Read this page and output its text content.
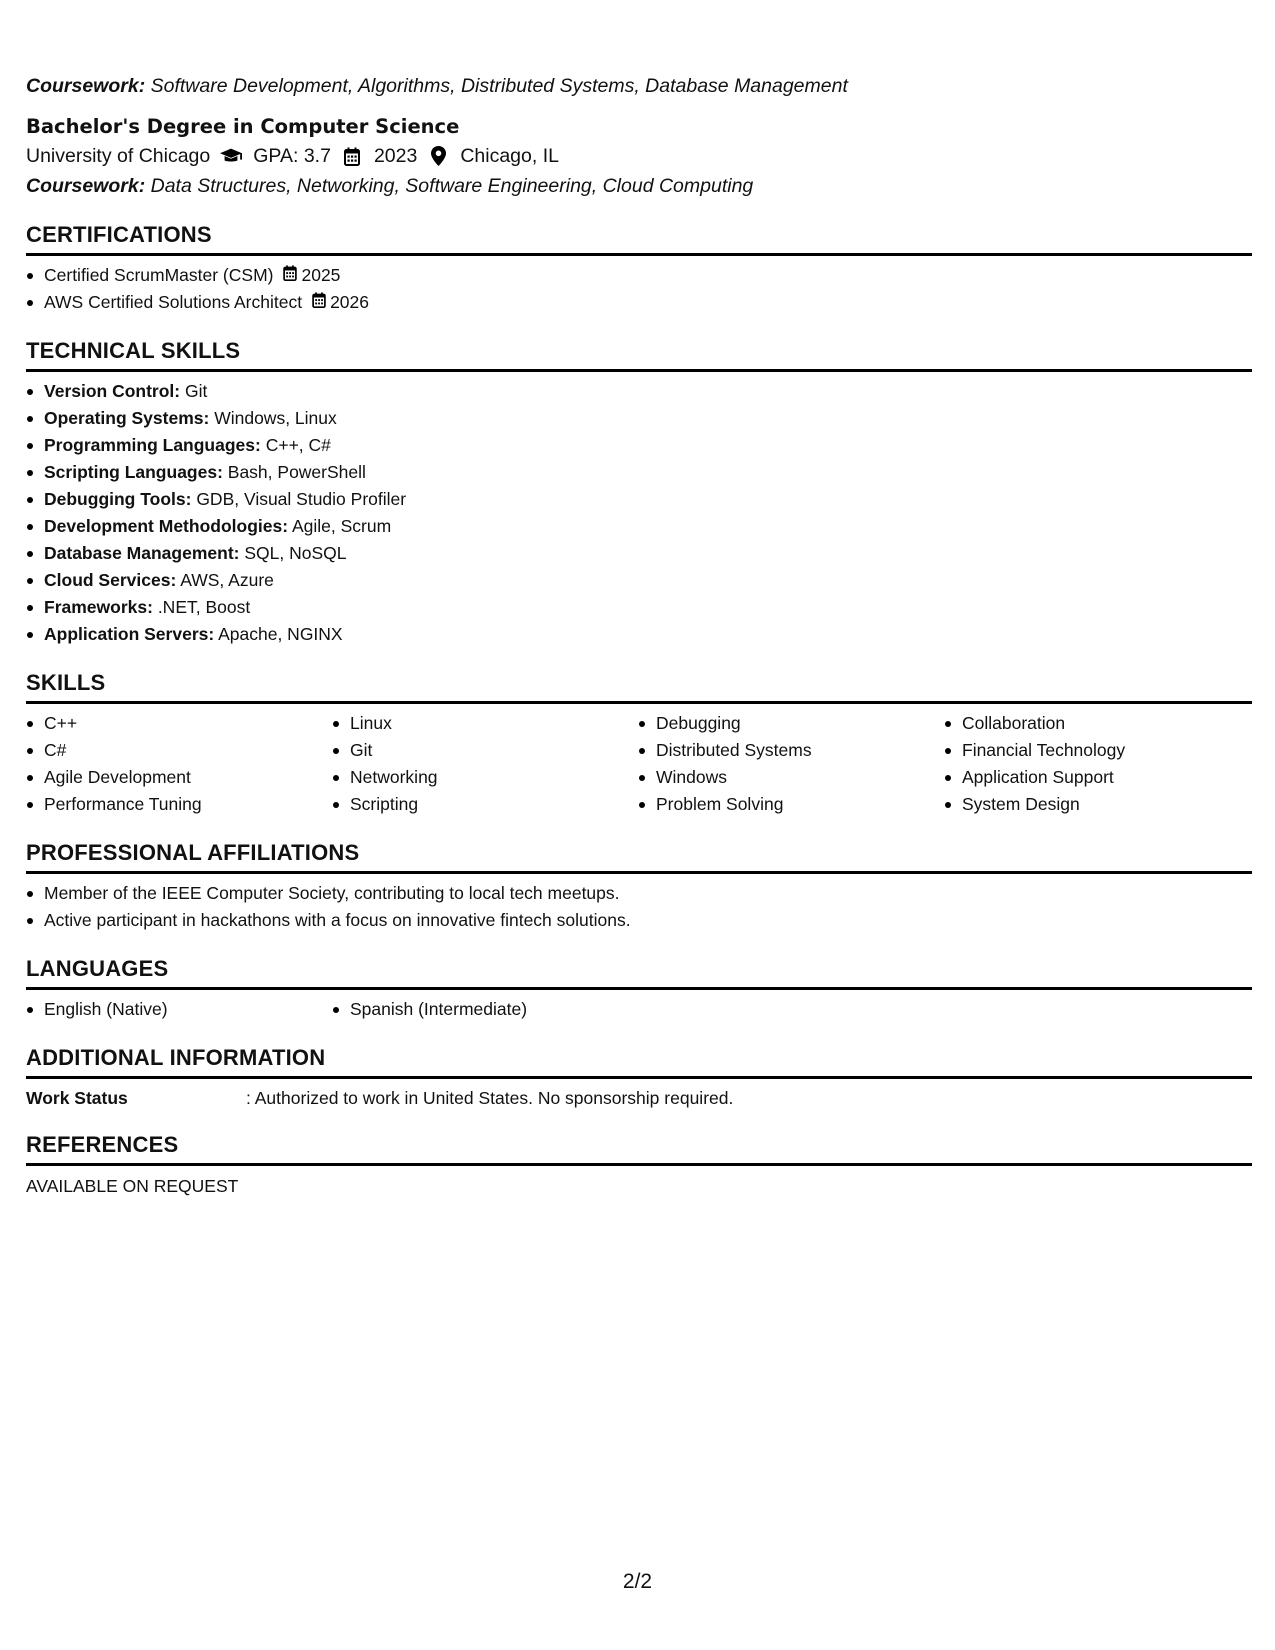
Coursework: Software Development, Algorithms, Distributed Systems, Database Management
Bachelor's Degree in Computer Science
University of Chicago GPA: 3.7 2023 Chicago, IL
Coursework: Data Structures, Networking, Software Engineering, Cloud Computing
CERTIFICATIONS
Certified ScrumMaster (CSM) 2025
AWS Certified Solutions Architect 2026
TECHNICAL SKILLS
Version Control: Git
Operating Systems: Windows, Linux
Programming Languages: C++, C#
Scripting Languages: Bash, PowerShell
Debugging Tools: GDB, Visual Studio Profiler
Development Methodologies: Agile, Scrum
Database Management: SQL, NoSQL
Cloud Services: AWS, Azure
Frameworks: .NET, Boost
Application Servers: Apache, NGINX
SKILLS
C++
C#
Agile Development
Performance Tuning
Linux
Git
Networking
Scripting
Debugging
Distributed Systems
Windows
Problem Solving
Collaboration
Financial Technology
Application Support
System Design
PROFESSIONAL AFFILIATIONS
Member of the IEEE Computer Society, contributing to local tech meetups.
Active participant in hackathons with a focus on innovative fintech solutions.
LANGUAGES
English (Native)	Spanish (Intermediate)
ADDITIONAL INFORMATION
Work Status	: Authorized to work in United States. No sponsorship required.
REFERENCES
AVAILABLE ON REQUEST
2/2
